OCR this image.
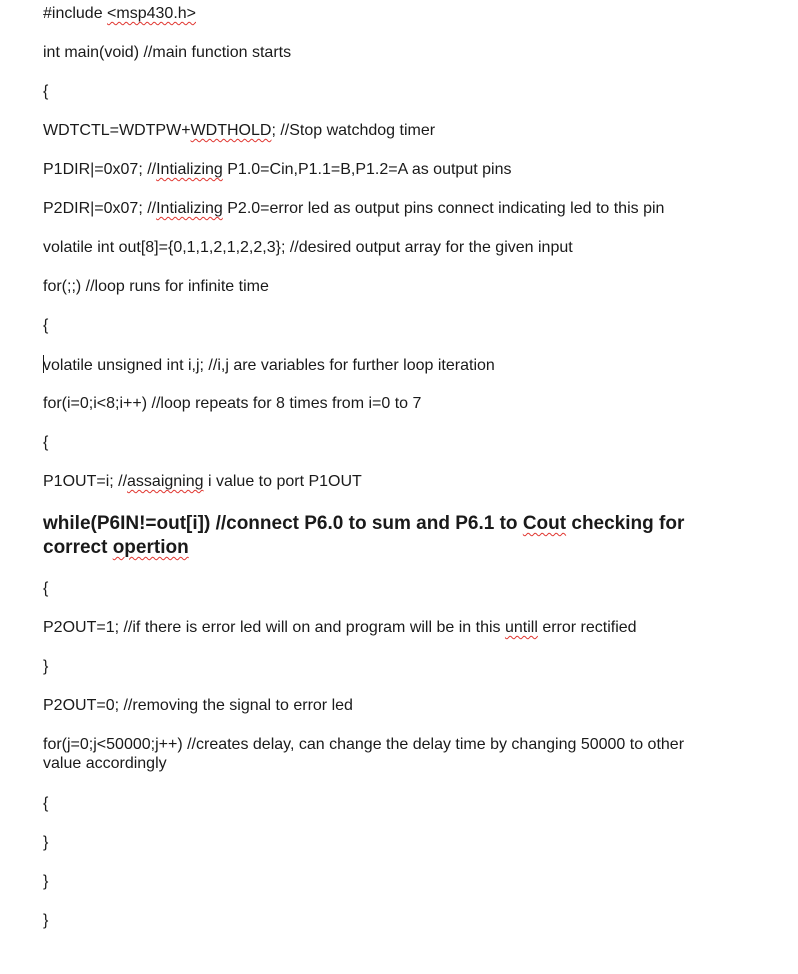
#include <msp430.h>
int main(void) //main function starts
{
WDTCTL=WDTPW+WDTHOLD; //Stop watchdog timer
P1DIR|=0x07; //Intializing P1.0=Cin,P1.1=B,P1.2=A as output pins
P2DIR|=0x07; //Intializing P2.0=error led as output pins connect indicating led to this pin
volatile int out[8]={0,1,1,2,1,2,2,3}; //desired output array for the given input
for(;;) //loop runs for infinite time
{
volatile unsigned int i,j; //i,j are variables for further loop iteration
for(i=0;i<8;i++) //loop repeats for 8 times from i=0 to 7
{
P1OUT=i; //assaigning i value to port P1OUT
while(P6IN!=out[i]) //connect P6.0 to sum and P6.1 to Cout checking for correct opertion
{
P2OUT=1; //if there is error led will on and program will be in this untill error rectified
}
P2OUT=0; //removing the signal to error led
for(j=0;j<50000;j++) //creates delay, can change the delay time by changing 50000 to other value accordingly
{
}
}
}
